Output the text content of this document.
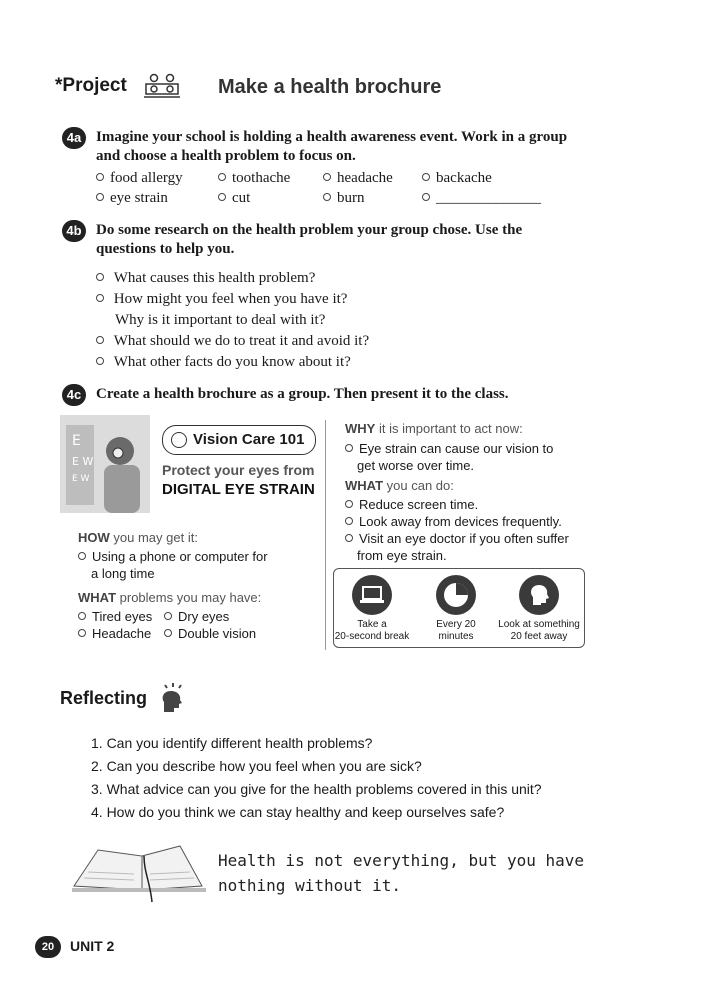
*Project	Make a health brochure
4a Imagine your school is holding a health awareness event. Work in a group
and choose a health problem to focus on.
food allergy	toothache	headache	backache
eye strain	cut	burn	______________
4b Do some research on the health problem your group chose. Use the
questions to help you.
What causes this health problem?
How might you feel when you have it?
Why is it important to deal with it?
What should we do to treat it and avoid it?
What other facts do you know about it?
4c Create a health brochure as a group. Then present it to the class.
E
E W
E W
Vision Care 101
Protect your eyes from
DIGITAL EYE STRAIN
HOW you may get it:
Using a phone or computer for
a long time
WHAT problems you may have:
Tired eyes	Dry eyes
Headache	Double vision
WHY it is important to act now:
Eye strain can cause our vision to
get worse over time.
WHAT you can do:
Reduce screen time.
Look away from devices frequently.
Visit an eye doctor if you often suffer
from eye strain.
Take a
20-second break
Every 20
minutes
Look at something
20 feet away
Reflecting
1. Can you identify different health problems?
2. Can you describe how you feel when you are sick?
3. What advice can you give for the health problems covered in this unit?
4. How do you think we can stay healthy and keep ourselves safe?
Health is not everything, but you have
nothing without it.
20	UNIT 2
